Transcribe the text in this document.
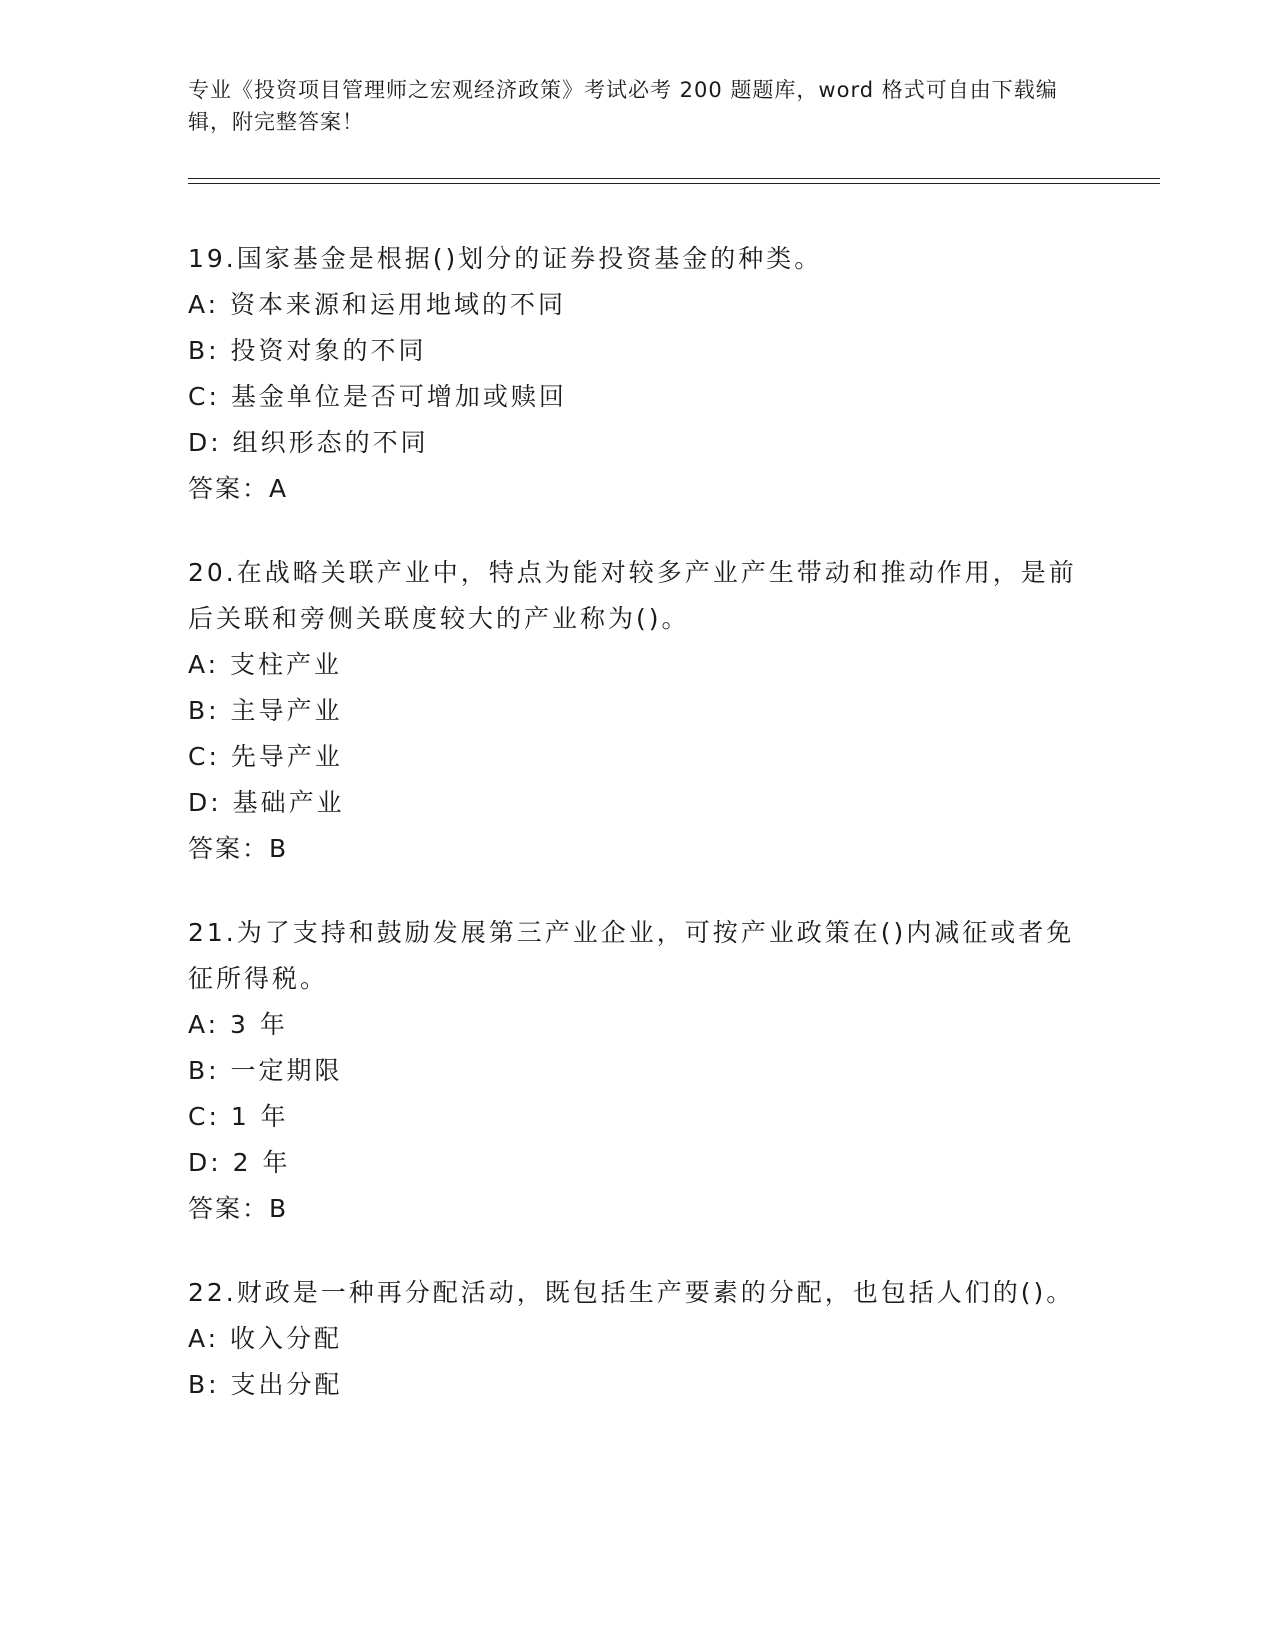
专业《投资项目管理师之宏观经济政策》考试必考 200 题题库，word 格式可自由下载编辑，附完整答案！
19.国家基金是根据()划分的证券投资基金的种类。
A: 资本来源和运用地域的不同
B: 投资对象的不同
C: 基金单位是否可增加或赎回
D: 组织形态的不同
答案：A
20.在战略关联产业中，特点为能对较多产业产生带动和推动作用，是前后关联和旁侧关联度较大的产业称为()。
A: 支柱产业
B: 主导产业
C: 先导产业
D: 基础产业
答案：B
21.为了支持和鼓励发展第三产业企业，可按产业政策在()内减征或者免征所得税。
A: 3 年
B: 一定期限
C: 1 年
D: 2 年
答案：B
22.财政是一种再分配活动，既包括生产要素的分配，也包括人们的()。
A: 收入分配
B: 支出分配
